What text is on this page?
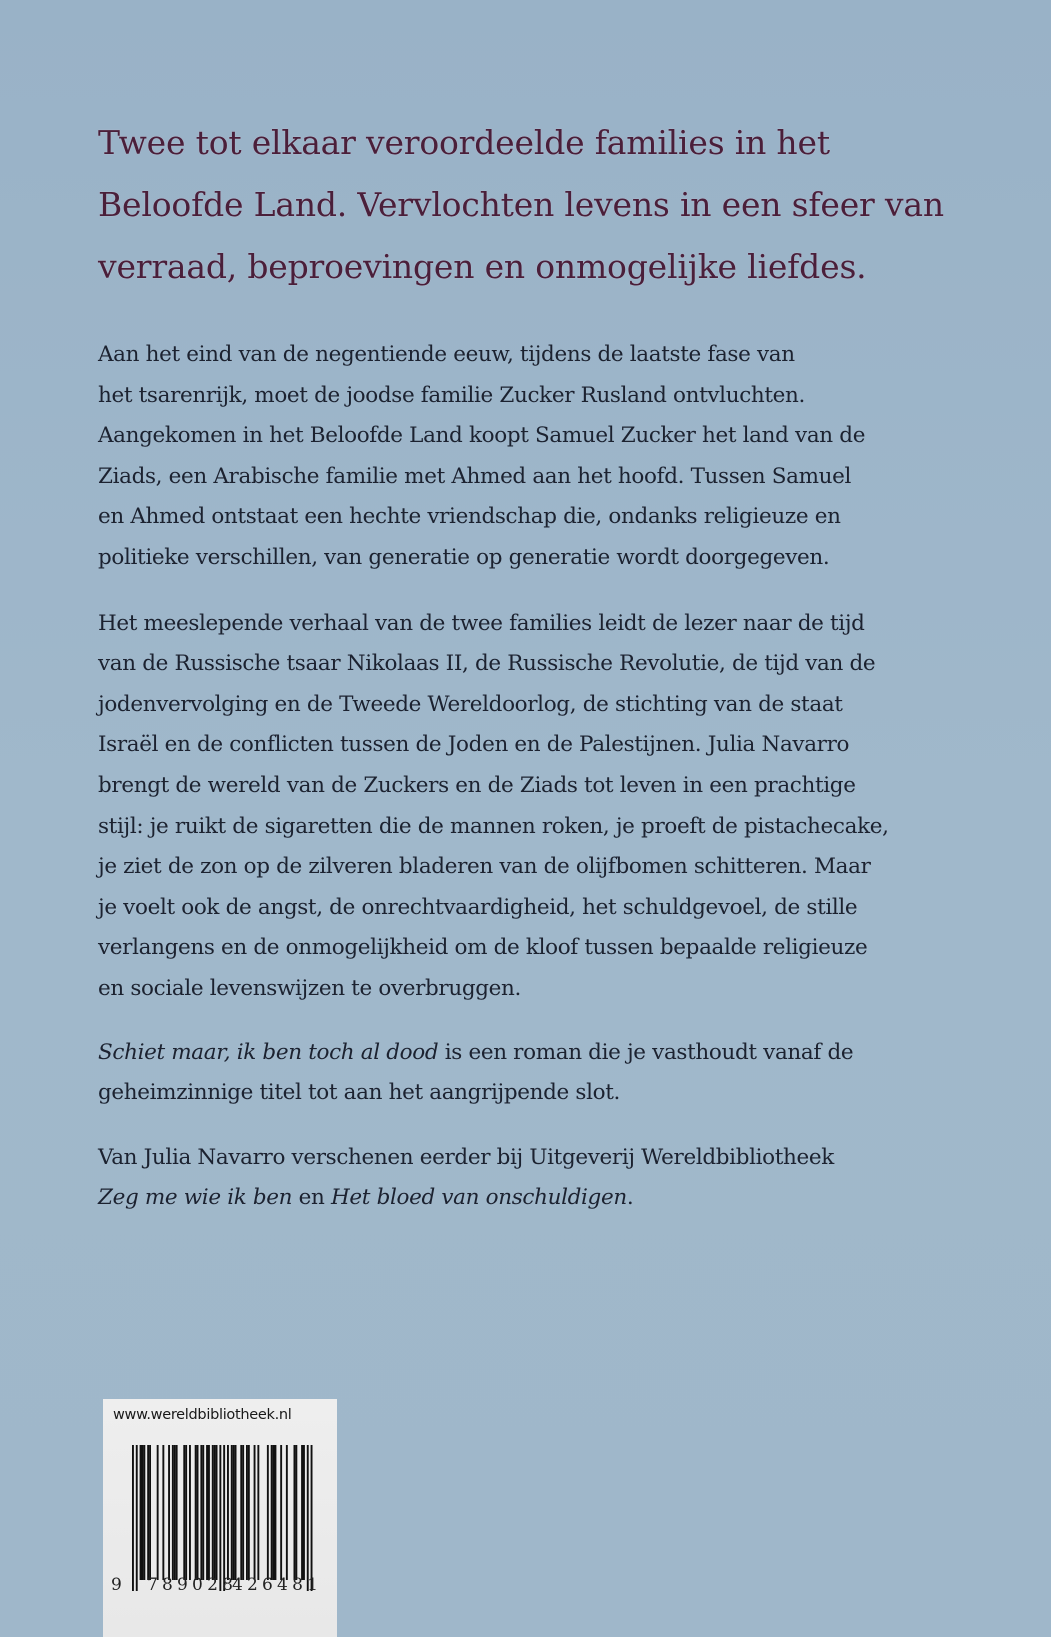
Twee tot elkaar veroordeelde families in het
Beloofde Land. Vervlochten levens in een sfeer van
verraad, beproevingen en onmogelijke liefdes.

Aan het eind van de negentiende eeuw, tijdens de laatste fase van
het tsarenrijk, moet de joodse familie Zucker Rusland ontvluchten.
Aangekomen in het Beloofde Land koopt Samuel Zucker het land van de
Ziads, een Arabische familie met Ahmed aan het hoofd. Tussen Samuel
en Ahmed ontstaat een hechte vriendschap die, ondanks religieuze en
politieke verschillen, van generatie op generatie wordt doorgegeven.

Het meeslepende verhaal van de twee families leidt de lezer naar de tijd
van de Russische tsaar Nikolaas II, de Russische Revolutie, de tijd van de
jodenvervolging en de Tweede Wereldoorlog, de stichting van de staat
Israël en de conflicten tussen de Joden en de Palestijnen. Julia Navarro
brengt de wereld van de Zuckers en de Ziads tot leven in een prachtige
stijl: je ruikt de sigaretten die de mannen roken, je proeft de pistachecake,
je ziet de zon op de zilveren bladeren van de olijfbomen schitteren. Maar
je voelt ook de angst, de onrechtvaardigheid, het schuldgevoel, de stille
verlangens en de onmogelijkheid om de kloof tussen bepaalde religieuze
en sociale levenswijzen te overbruggen.

Schiet maar, ik ben toch al dood is een roman die je vasthoudt vanaf de
geheimzinnige titel tot aan het aangrijpende slot.

Van Julia Navarro verschenen eerder bij Uitgeverij Wereldbibliotheek
Zeg me wie ik ben en Het bloed van onschuldigen.

www.wereldbibliotheek.nl
9 789028
426481
